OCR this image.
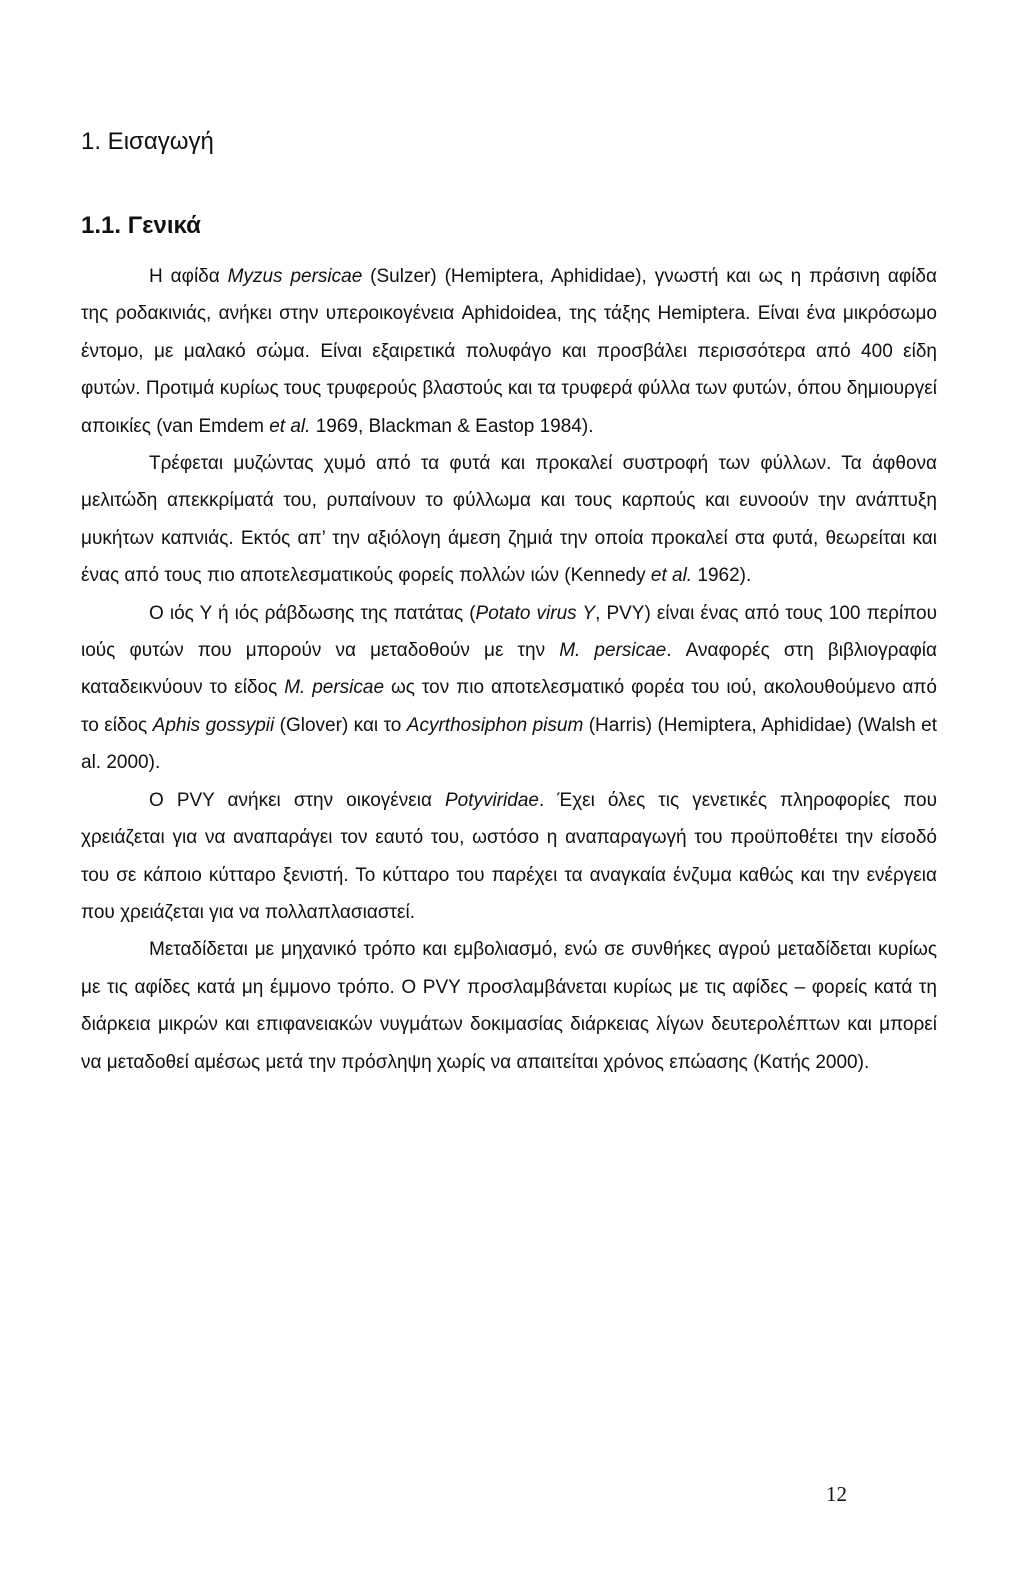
1. Εισαγωγή
1.1. Γενικά

Η αφίδα Myzus persicae (Sulzer) (Hemiptera, Aphididae), γνωστή και ως η πράσινη αφίδα της ροδακινιάς, ανήκει στην υπεροικογένεια Aphidoidea, της τάξης Hemiptera. Είναι ένα μικρόσωμο έντομο, με μαλακό σώμα. Είναι εξαιρετικά πολυφάγο και προσβάλει περισσότερα από 400 είδη φυτών. Προτιμά κυρίως τους τρυφερούς βλαστούς και τα τρυφερά φύλλα των φυτών, όπου δημιουργεί αποικίες (van Emdem et al. 1969, Blackman & Eastop 1984).

Τρέφεται μυζώντας χυμό από τα φυτά και προκαλεί συστροφή των φύλλων. Τα άφθονα μελιτώδη απεκκρίματά του, ρυπαίνουν το φύλλωμα και τους καρπούς και ευνοούν την ανάπτυξη μυκήτων καπνιάς. Εκτός απ’ την αξιόλογη άμεση ζημιά την οποία προκαλεί στα φυτά, θεωρείται και ένας από τους πιο αποτελεσματικούς φορείς πολλών ιών (Kennedy et al. 1962).

Ο ιός Υ ή ιός ράβδωσης της πατάτας (Potato virus Y, PVY) είναι ένας από τους 100 περίπου ιούς φυτών που μπορούν να μεταδοθούν με την M. persicae. Αναφορές στη βιβλιογραφία καταδεικνύουν το είδος M. persicae ως τον πιο αποτελεσματικό φορέα του ιού, ακολουθούμενο από το είδος Aphis gossypii (Glover) και το Acyrthosiphon pisum (Harris) (Hemiptera, Aphididae) (Walsh et al. 2000).

Ο PVY ανήκει στην οικογένεια Potyviridae. Έχει όλες τις γενετικές πληροφορίες που χρειάζεται για να αναπαράγει τον εαυτό του, ωστόσο η αναπαραγωγή του προϋποθέτει την είσοδό του σε κάποιο κύτταρο ξενιστή. Το κύτταρο του παρέχει τα αναγκαία ένζυμα καθώς και την ενέργεια που χρειάζεται για να πολλαπλασιαστεί.

Μεταδίδεται με μηχανικό τρόπο και εμβολιασμό, ενώ σε συνθήκες αγρού μεταδίδεται κυρίως με τις αφίδες κατά μη έμμονο τρόπο. Ο PVY προσλαμβάνεται κυρίως με τις αφίδες – φορείς κατά τη διάρκεια μικρών και επιφανειακών νυγμάτων δοκιμασίας διάρκειας λίγων δευτερολέπτων και μπορεί να μεταδοθεί αμέσως μετά την πρόσληψη χωρίς να απαιτείται χρόνος επώασης (Κατής 2000).

12
